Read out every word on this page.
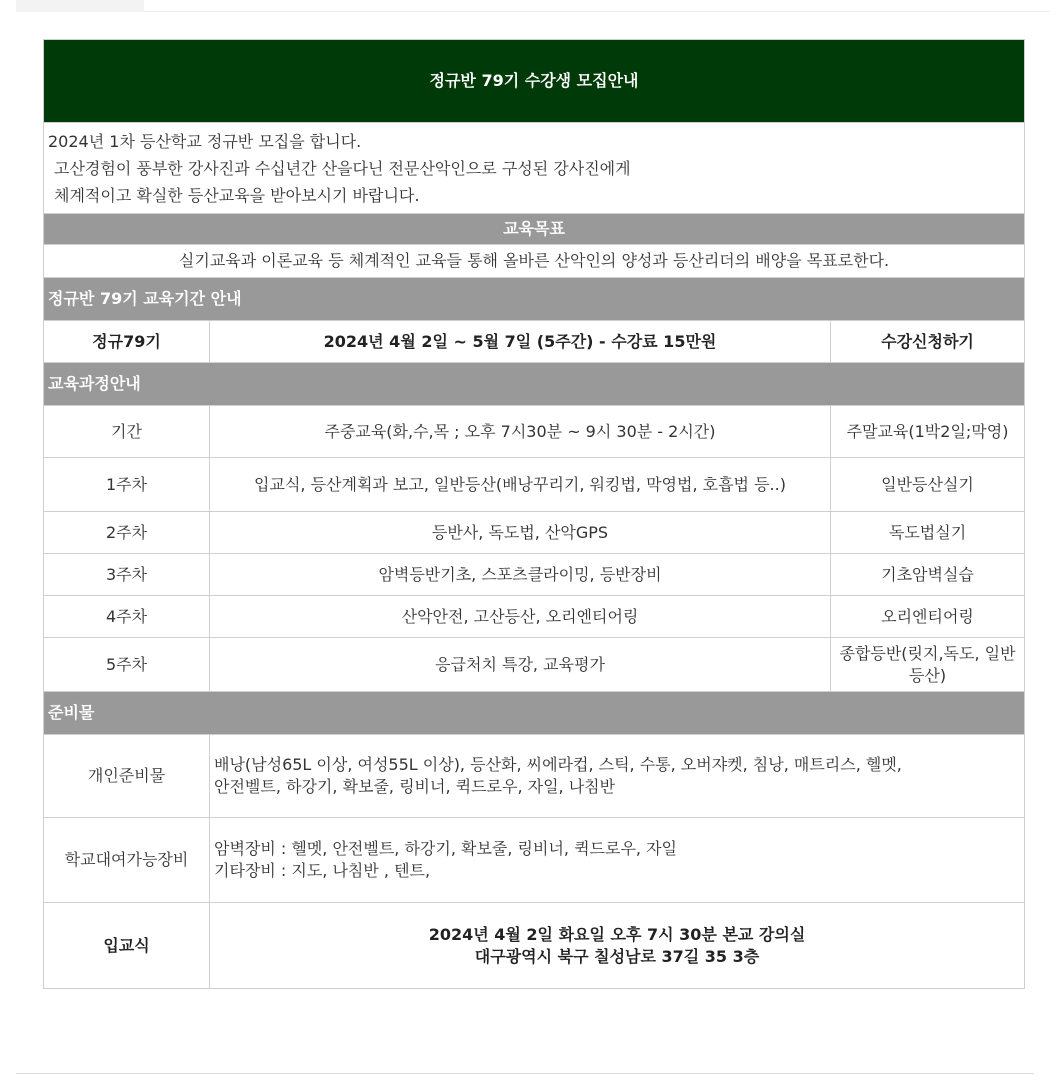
정규반 79기 수강생 모집안내		

2024년 1차 등산학교 정규반 모집을 합니다.
고산경험이 풍부한 강사진과 수십년간 산을다닌 전문산악인으로 구성된 강사진에게
체계적이고 확실한 등산교육을 받아보시기 바랍니다.		

교육목표		
실기교육과 이론교육 등 체계적인 교육들 통해 올바른 산악인의 양성과 등산리더의 배양을 목표로한다.		
정규반 79기 교육기간 안내		
정규79기	2024년 4월 2일 ~ 5월 7일 (5주간) - 수강료 15만원	수강신청하기
교육과정안내		
기간	주중교육(화,수,목 ; 오후 7시30분 ~ 9시 30분 - 2시간)	주말교육(1박2일;막영)
1주차	입교식, 등산계획과 보고, 일반등산(배낭꾸리기, 워킹법, 막영법, 호흡법 등..)	일반등산실기
2주차	등반사, 독도법, 산악GPS	독도법실기
3주차	암벽등반기초, 스포츠클라이밍, 등반장비	기초암벽실습
4주차	산악안전, 고산등산, 오리엔티어링	오리엔티어링
5주차	응급처치 특강, 교육평가	종합등반(릿지,독도, 일반등산)
준비물		
개인준비물	배낭(남성65L 이상, 여성55L 이상), 등산화, 씨에라컵, 스틱, 수통, 오버쟈켓, 침낭, 매트리스, 헬멧,
안전벨트, 하강기, 확보줄, 링비너, 퀵드로우, 자일, 나침반	

학교대여가능장비	암벽장비 : 헬멧, 안전벨트, 하강기, 확보줄, 링비너, 퀵드로우, 자일
기타장비 : 지도, 나침반 , 텐트,	

입교식	2024년 4월 2일 화요일 오후 7시 30분 본교 강의실
대구광역시 북구 칠성남로 37길 35 3층	
